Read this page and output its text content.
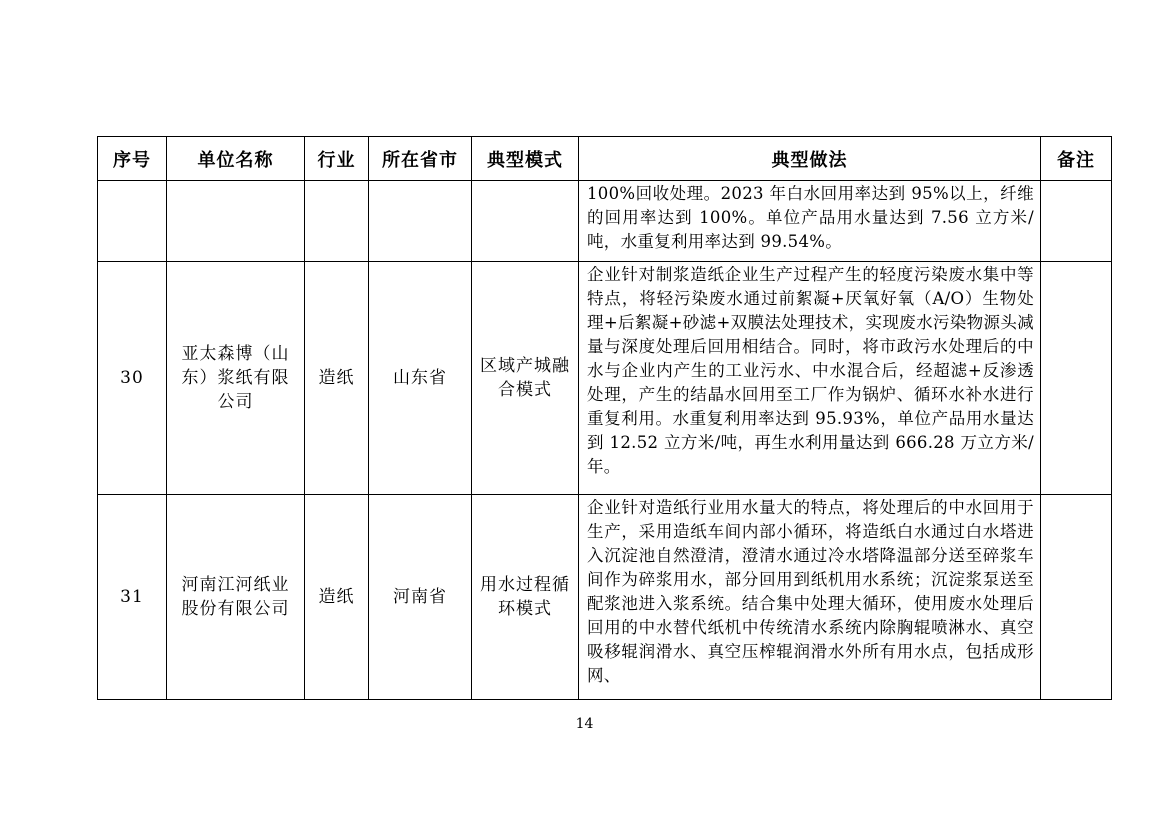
序号	单位名称	行业	所在省市	典型模式	典型做法	备注

					100%回收处理。2023 年白水回用率达到 95%以上，纤维的回用率达到 100%。单位产品用水量达到 7.56 立方米/吨，水重复利用率达到 99.54%。	

30	亚太森博（山东）浆纸有限公司	造纸	山东省	区域产城融合模式	企业针对制浆造纸企业生产过程产生的轻度污染废水集中等特点，将轻污染废水通过前絮凝+厌氧好氧（A/O）生物处理+后絮凝+砂滤+双膜法处理技术，实现废水污染物源头减量与深度处理后回用相结合。同时，将市政污水处理后的中水与企业内产生的工业污水、中水混合后，经超滤+反渗透处理，产生的结晶水回用至工厂作为锅炉、循环水补水进行重复利用。水重复利用率达到 95.93%，单位产品用水量达到 12.52 立方米/吨，再生水利用量达到 666.28 万立方米/年。	

31	河南江河纸业股份有限公司	造纸	河南省	用水过程循环模式	企业针对造纸行业用水量大的特点，将处理后的中水回用于生产，采用造纸车间内部小循环，将造纸白水通过白水塔进入沉淀池自然澄清，澄清水通过冷水塔降温部分送至碎浆车间作为碎浆用水，部分回用到纸机用水系统；沉淀浆泵送至配浆池进入浆系统。结合集中处理大循环，使用废水处理后回用的中水替代纸机中传统清水系统内除胸辊喷淋水、真空吸移辊润滑水、真空压榨辊润滑水外所有用水点，包括成形网、	

14
